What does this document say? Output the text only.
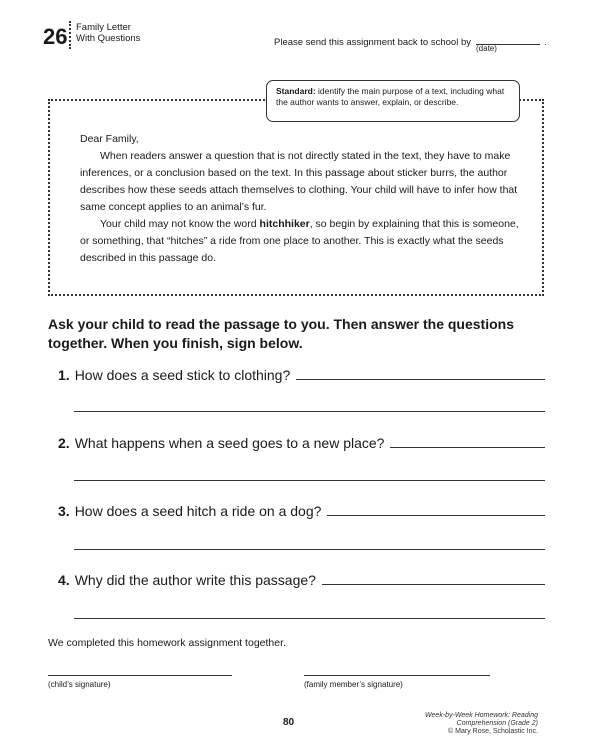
26 Family Letter
With Questions	Please send this assignment back to school by	.
(date)
Standard: identify the main purpose of a text, including what the author wants to answer, explain, or describe.

Dear Family,

When readers answer a question that is not directly stated in the text, they have to make inferences, or a conclusion based on the text. In this passage about sticker burrs, the author describes how these seeds attach themselves to clothing. Your child will have to infer how that same concept applies to an animal’s fur.

Your child may not know the word hitchhiker, so begin by explaining that this is someone, or something, that “hitches” a ride from one place to another. This is exactly what the seeds described in this passage do.

Ask your child to read the passage to you. Then answer the questions together. When you finish, sign below.
1. How does a seed stick to clothing?
2. What happens when a seed goes to a new place?
3. How does a seed hitch a ride on a dog?
4. Why did the author write this passage?
We completed this homework assignment together.
(child’s signature)	(family member’s signature)
80
Week-by-Week Homework: Reading Comprehension (Grade 2)
© Mary Rose, Scholastic Inc.
